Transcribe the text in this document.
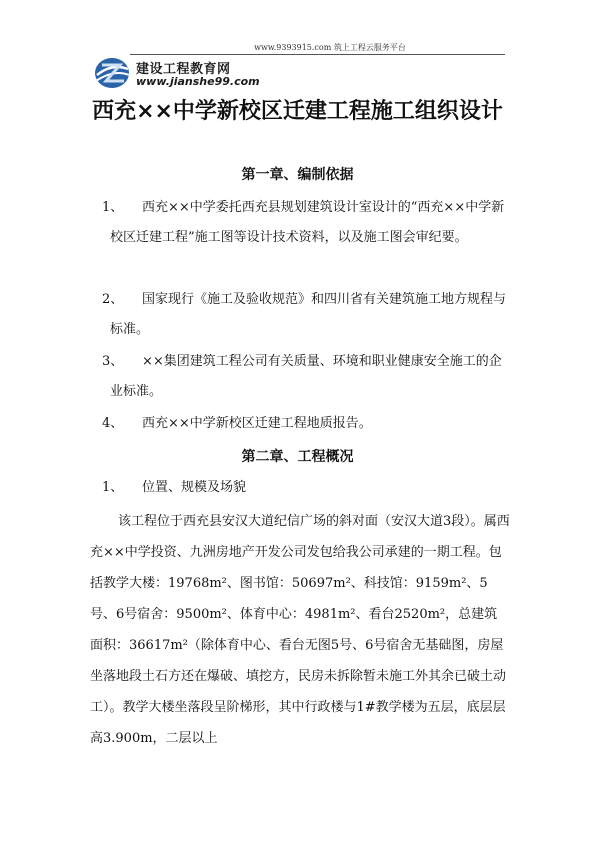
www.9393915.com 筑上工程云服务平台
建设工程教育网
www.jianshe99.com
西充××中学新校区迁建工程施工组织设计
第一章、编制依据
1、	西充××中学委托西充县规划建筑设计室设计的“西充××中学新校区迁建工程”施工图等设计技术资料，以及施工图会审纪要。
2、	国家现行《施工及验收规范》和四川省有关建筑施工地方规程与标准。
3、	××集团建筑工程公司有关质量、环境和职业健康安全施工的企业标准。
4、	西充××中学新校区迁建工程地质报告。
第二章、工程概况
1、	位置、规模及场貌
该工程位于西充县安汉大道纪信广场的斜对面（安汉大道3段）。属西充××中学投资、九洲房地产开发公司发包给我公司承建的一期工程。包括教学大楼：19768m²、图书馆：50697m²、科技馆：9159m²、5号、6号宿舍：9500m²、体育中心：4981m²、看台2520m²，总建筑面积：36617m²（除体育中心、看台无图5号、6号宿舍无基础图，房屋坐落地段土石方还在爆破、填挖方，民房未拆除暂未施工外其余已破土动工）。教学大楼坐落段呈阶梯形，其中行政楼与1#教学楼为五层，底层层高3.900m，二层以上
